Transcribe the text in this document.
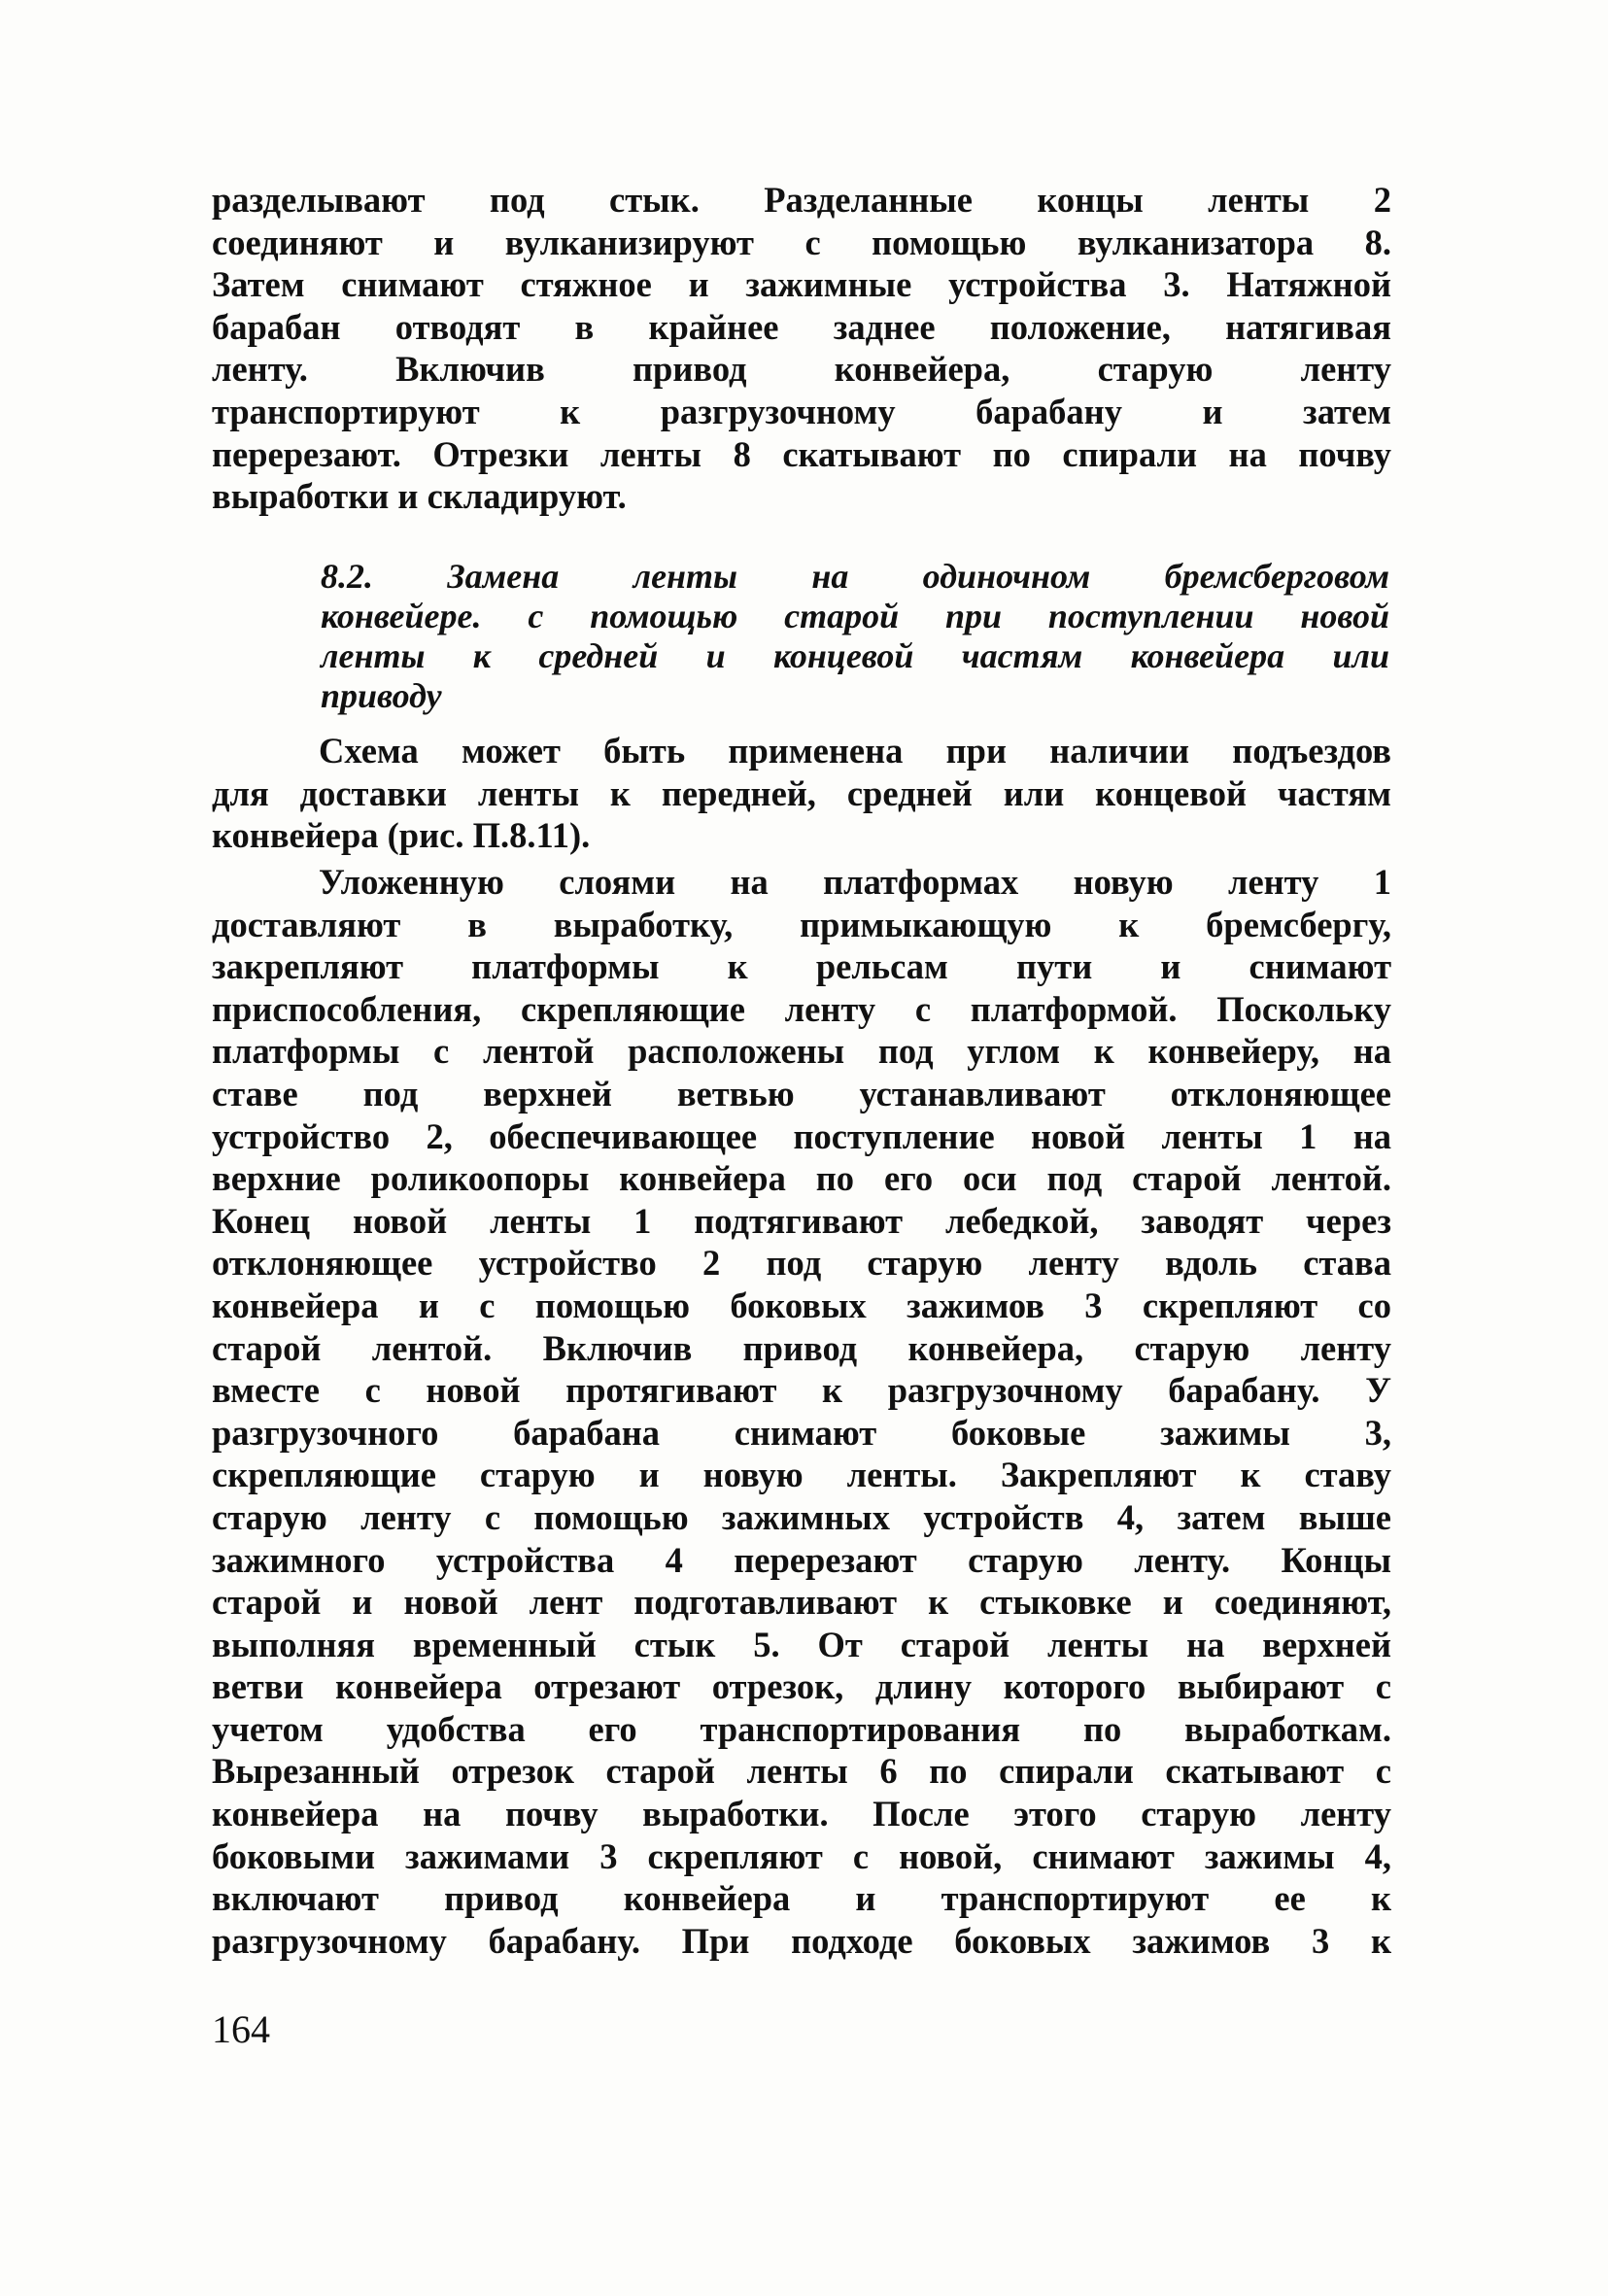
разделывают под стык. Разделанные концы ленты 2
соединяют и вулканизируют с помощью вулканизатора 8.
Затем снимают стяжное и зажимные устройства 3. Натяжной
барабан отводят в крайнее заднее положение, натягивая
ленту. Включив привод конвейера, старую ленту
транспортируют к разгрузочному барабану и затем
перерезают. Отрезки ленты 8 скатывают по спирали на почву
выработки и складируют.
8.2. Замена ленты на одиночном бремсберговом
конвейере. с помощью старой при поступлении новой
ленты к средней и концевой частям конвейера или
приводу
Схема может быть применена при наличии подъездов
для доставки ленты к передней, средней или концевой частям
конвейера (рис. П.8.11).
Уложенную слоями на платформах новую ленту 1
доставляют в выработку, примыкающую к бремсбергу,
закрепляют платформы к рельсам пути и снимают
приспособления, скрепляющие ленту с платформой. Поскольку
платформы с лентой расположены под углом к конвейеру, на
ставе под верхней ветвью устанавливают отклоняющее
устройство 2, обеспечивающее поступление новой ленты 1 на
верхние роликоопоры конвейера по его оси под старой лентой.
Конец новой ленты 1 подтягивают лебедкой, заводят через
отклоняющее устройство 2 под старую ленту вдоль става
конвейера и с помощью боковых зажимов 3 скрепляют со
старой лентой. Включив привод конвейера, старую ленту
вместе с новой протягивают к разгрузочному барабану. У
разгрузочного барабана снимают боковые зажимы 3,
скрепляющие старую и новую ленты. Закрепляют к ставу
старую ленту с помощью зажимных устройств 4, затем выше
зажимного устройства 4 перерезают старую ленту. Концы
старой и новой лент подготавливают к стыковке и соединяют,
выполняя временный стык 5. От старой ленты на верхней
ветви конвейера отрезают отрезок, длину которого выбирают с
учетом удобства его транспортирования по выработкам.
Вырезанный отрезок старой ленты 6 по спирали скатывают с
конвейера на почву выработки. После этого старую ленту
боковыми зажимами 3 скрепляют с новой, снимают зажимы 4,
включают привод конвейера и транспортируют ее к
разгрузочному барабану. При подходе боковых зажимов 3 к
164
